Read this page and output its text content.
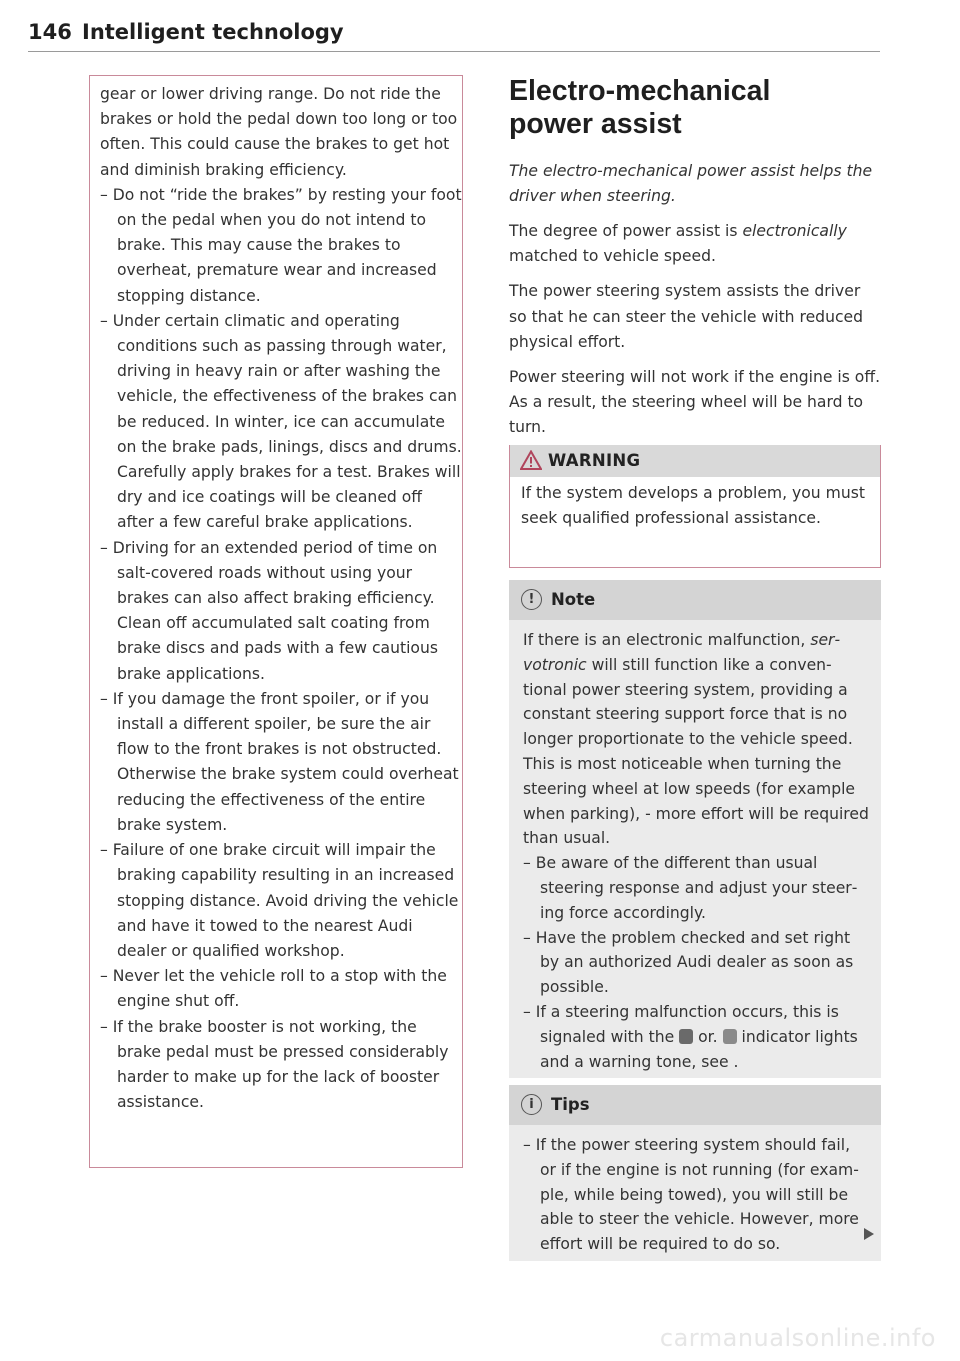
146 Intelligent technology

gear or lower driving range. Do not ride the brakes or hold the pedal down too long or too often. This could cause the brakes to get hot and diminish braking efficiency.

– Do not “ride the brakes” by resting your foot on the pedal when you do not intend to brake. This may cause the brakes to overheat, premature wear and increased stopping distance.

– Under certain climatic and operating conditions such as passing through water, driving in heavy rain or after washing the vehicle, the effectiveness of the brakes can be reduced. In winter, ice can accumulate on the brake pads, linings, discs and drums. Carefully apply brakes for a test. Brakes will dry and ice coatings will be cleaned off after a few careful brake applications.

– Driving for an extended period of time on salt-covered roads without using your brakes can also affect braking efficiency. Clean off accumulated salt coating from brake discs and pads with a few cautious brake applications.

– If you damage the front spoiler, or if you install a different spoiler, be sure the air flow to the front brakes is not obstructed. Otherwise the brake system could overheat reducing the effectiveness of the entire brake system.

– Failure of one brake circuit will impair the braking capability resulting in an increased stopping distance. Avoid driving the vehicle and have it towed to the nearest Audi dealer or qualified workshop.

– Never let the vehicle roll to a stop with the engine shut off.

– If the brake booster is not working, the brake pedal must be pressed considerably harder to make up for the lack of booster assistance.

Electro-mechanical
power assist

The electro-mechanical power assist helps the driver when steering.

The degree of power assist is electronically matched to vehicle speed.

The power steering system assists the driver so that he can steer the vehicle with reduced physical effort.

Power steering will not work if the engine is off. As a result, the steering wheel will be hard to turn.

WARNING
If the system develops a problem, you must seek qualified professional assistance.
!	Note

If there is an electronic malfunction, servotronic will still function like a conventional power steering system, providing a constant steering support force that is no longer proportionate to the vehicle speed. This is most noticeable when turning the steering wheel at low speeds (for example when parking), - more effort will be required than usual.

– Be aware of the different than usual steering response and adjust your steering force accordingly.

– Have the problem checked and set right by an authorized Audi dealer as soon as possible.

– If a steering malfunction occurs, this is signaled with the  or.  indicator lights and a warning tone, see .

i	Tips

– If the power steering system should fail, or if the engine is not running (for example, while being towed), you will still be able to steer the vehicle. However, more effort will be required to do so.

carmanualsonline.info
